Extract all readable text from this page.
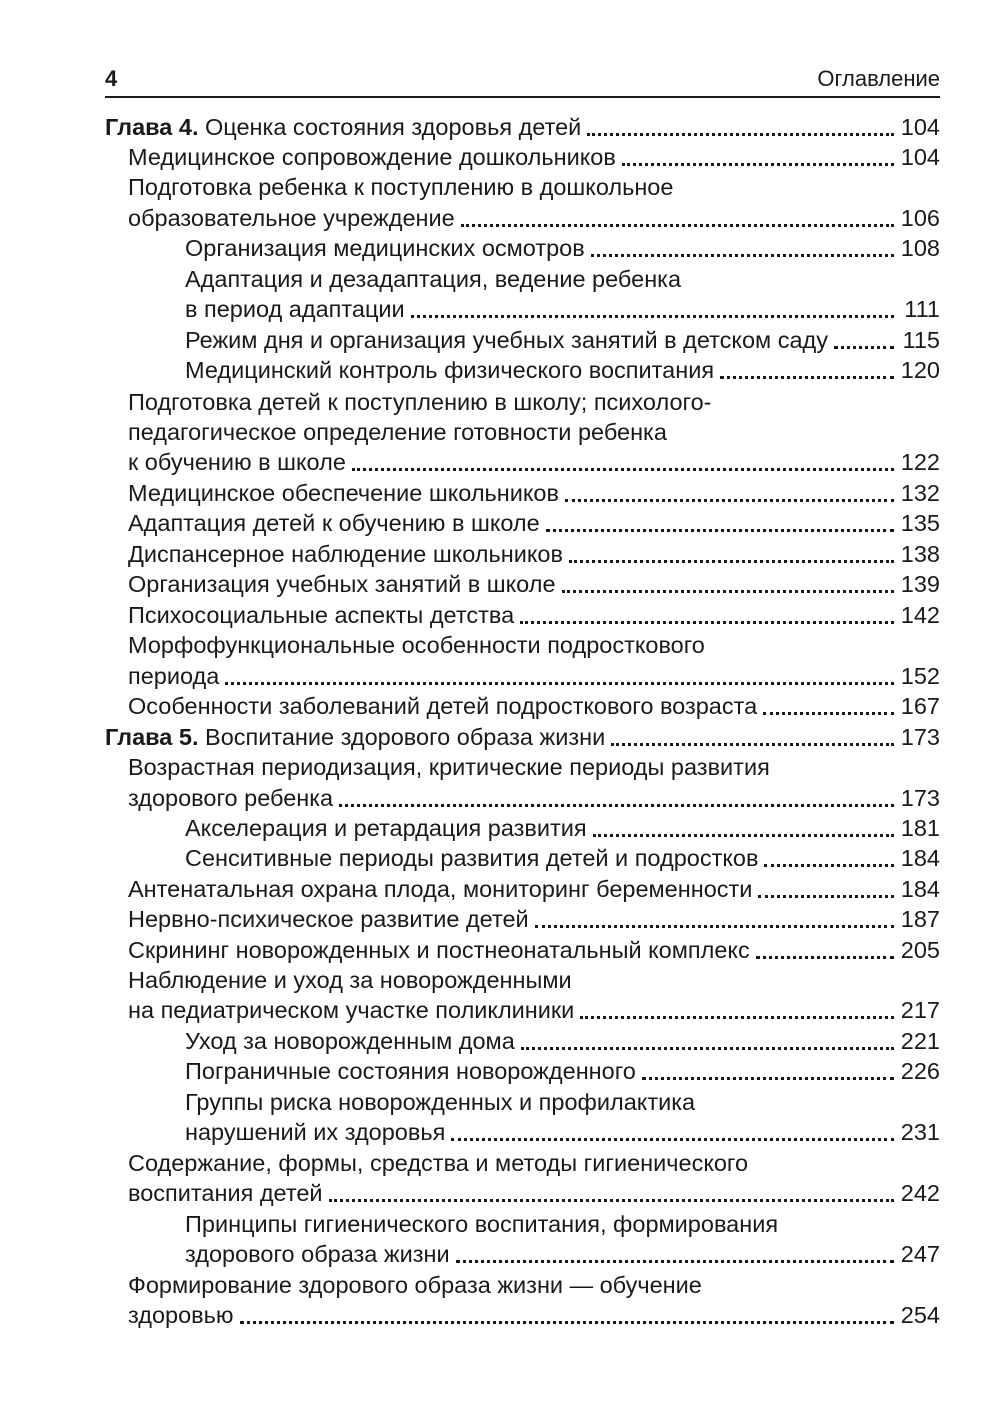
4	Оглавление
Глава 4. Оценка состояния здоровья детей	104
Медицинское сопровождение дошкольников	104
Подготовка ребенка к поступлению в дошкольное
образовательное учреждение	106
Организация медицинских осмотров	108
Адаптация и дезадаптация, ведение ребенка
в период адаптации	111
Режим дня и организация учебных занятий в детском саду	115
Медицинский контроль физического воспитания	120
Подготовка детей к поступлению в школу; психолого-
педагогическое определение готовности ребенка
к обучению в школе	122
Медицинское обеспечение школьников	132
Адаптация детей к обучению в школе	135
Диспансерное наблюдение школьников	138
Организация учебных занятий в школе	139
Психосоциальные аспекты детства	142
Морфофункциональные особенности подросткового
периода	152
Особенности заболеваний детей подросткового возраста	167
Глава 5. Воспитание здорового образа жизни	173
Возрастная периодизация, критические периоды развития
здорового ребенка	173
Акселерация и ретардация развития	181
Сенситивные периоды развития детей и подростков	184
Антенатальная охрана плода, мониторинг беременности	184
Нервно-психическое развитие детей	187
Скрининг новорожденных и постнеонатальный комплекс	205
Наблюдение и уход за новорожденными
на педиатрическом участке поликлиники	217
Уход за новорожденным дома	221
Пограничные состояния новорожденного	226
Группы риска новорожденных и профилактика
нарушений их здоровья	231
Содержание, формы, средства и методы гигиенического
воспитания детей	242
Принципы гигиенического воспитания, формирования
здорового образа жизни	247
Формирование здорового образа жизни — обучение
здоровью	254
